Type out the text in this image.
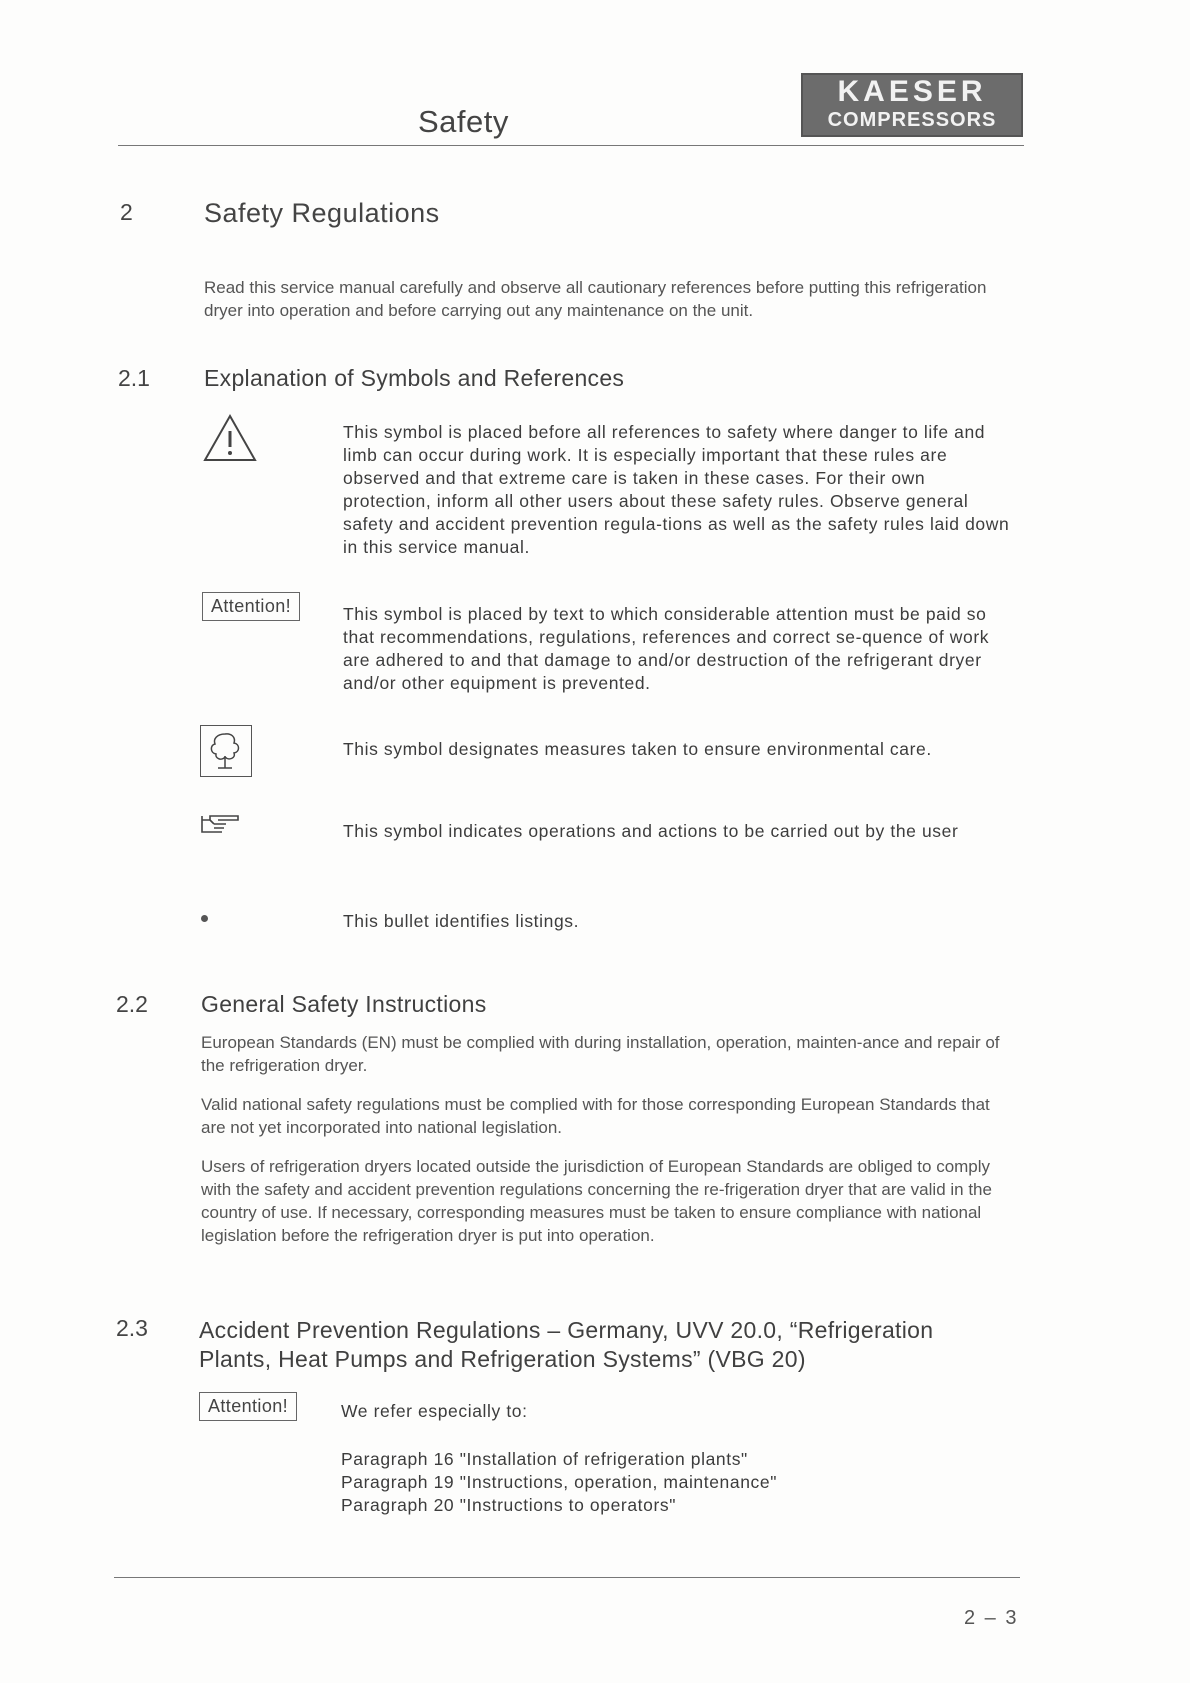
Safety
KAESER
COMPRESSORS
2	Safety Regulations
Read this service manual carefully and observe all cautionary references before putting this refrigeration dryer into operation and before carrying out any maintenance on the unit.
2.1 Explanation of Symbols and References
This symbol is placed before all references to safety where danger to life and limb can occur during work. It is especially important that these rules are observed and that extreme care is taken in these cases. For their own protection, inform all other users about these safety rules. Observe general safety and accident prevention regula-tions as well as the safety rules laid down in this service manual.
Attention!	This symbol is placed by text to which considerable attention must be paid so that recommendations, regulations, references and correct se-quence of work are adhered to and that damage to and/or destruction of the refrigerant dryer and/or other equipment is prevented.
This symbol designates measures taken to ensure environmental care.
This symbol indicates operations and actions to be carried out by the user
This bullet identifies listings.
2.2 General Safety Instructions
European Standards (EN) must be complied with during installation, operation, mainten-ance and repair of the refrigeration dryer.
Valid national safety regulations must be complied with for those corresponding European Standards that are not yet incorporated into national legislation.
Users of refrigeration dryers located outside the jurisdiction of European Standards are obliged to comply with the safety and accident prevention regulations concerning the re-frigeration dryer that are valid in the country of use. If necessary, corresponding measures must be taken to ensure compliance with national legislation before the refrigeration dryer is put into operation.
2.3 Accident Prevention Regulations – Germany, UVV 20.0, “Refrigeration
Plants, Heat Pumps and Refrigeration Systems” (VBG 20)
Attention!	We refer especially to:
Paragraph 16 "Installation of refrigeration plants"
Paragraph 19 "Instructions, operation, maintenance"
Paragraph 20 "Instructions to operators"
2 – 3
